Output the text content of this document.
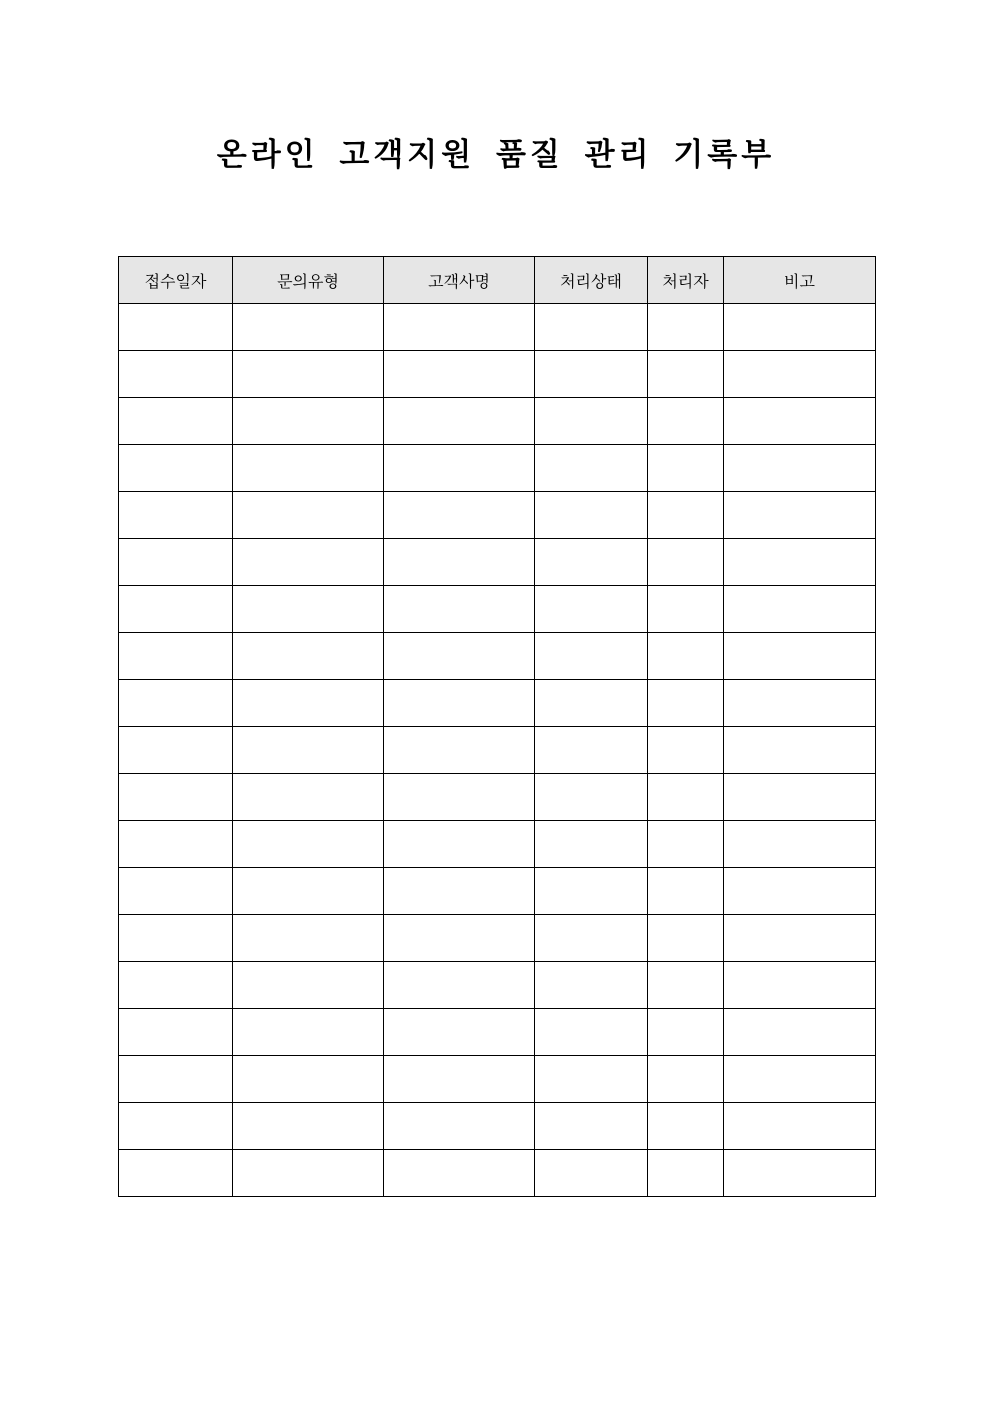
온라인 고객지원 품질 관리 기록부
접수일자	문의유형	고객사명	처리상태	처리자	비고
